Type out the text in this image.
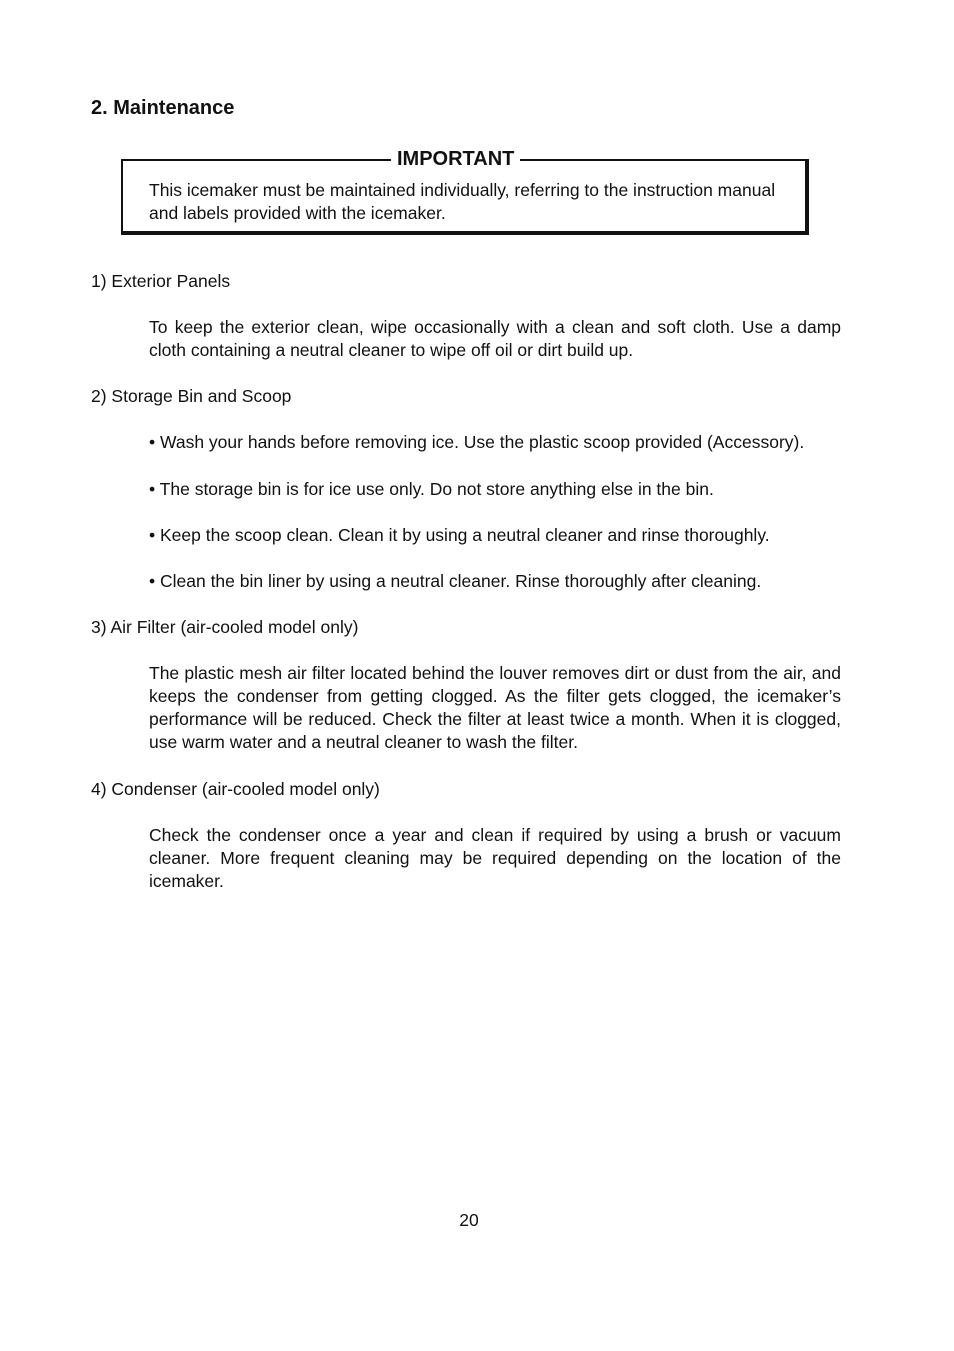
2. Maintenance
IMPORTANT
This icemaker must be maintained individually, referring to the instruction manual and labels provided with the icemaker.
1) Exterior Panels
To keep the exterior clean, wipe occasionally with a clean and soft cloth. Use a damp cloth containing a neutral cleaner to wipe off oil or dirt build up.
2) Storage Bin and Scoop
• Wash your hands before removing ice. Use the plastic scoop provided (Accessory).
• The storage bin is for ice use only. Do not store anything else in the bin.
• Keep the scoop clean. Clean it by using a neutral cleaner and rinse thoroughly.
• Clean the bin liner by using a neutral cleaner. Rinse thoroughly after cleaning.
3) Air Filter (air-cooled model only)
The plastic mesh air filter located behind the louver removes dirt or dust from the air, and keeps the condenser from getting clogged. As the filter gets clogged, the icemaker’s performance will be reduced. Check the filter at least twice a month. When it is clogged, use warm water and a neutral cleaner to wash the filter.
4) Condenser (air-cooled model only)
Check the condenser once a year and clean if required by using a brush or vacuum cleaner. More frequent cleaning may be required depending on the location of the icemaker.
20
